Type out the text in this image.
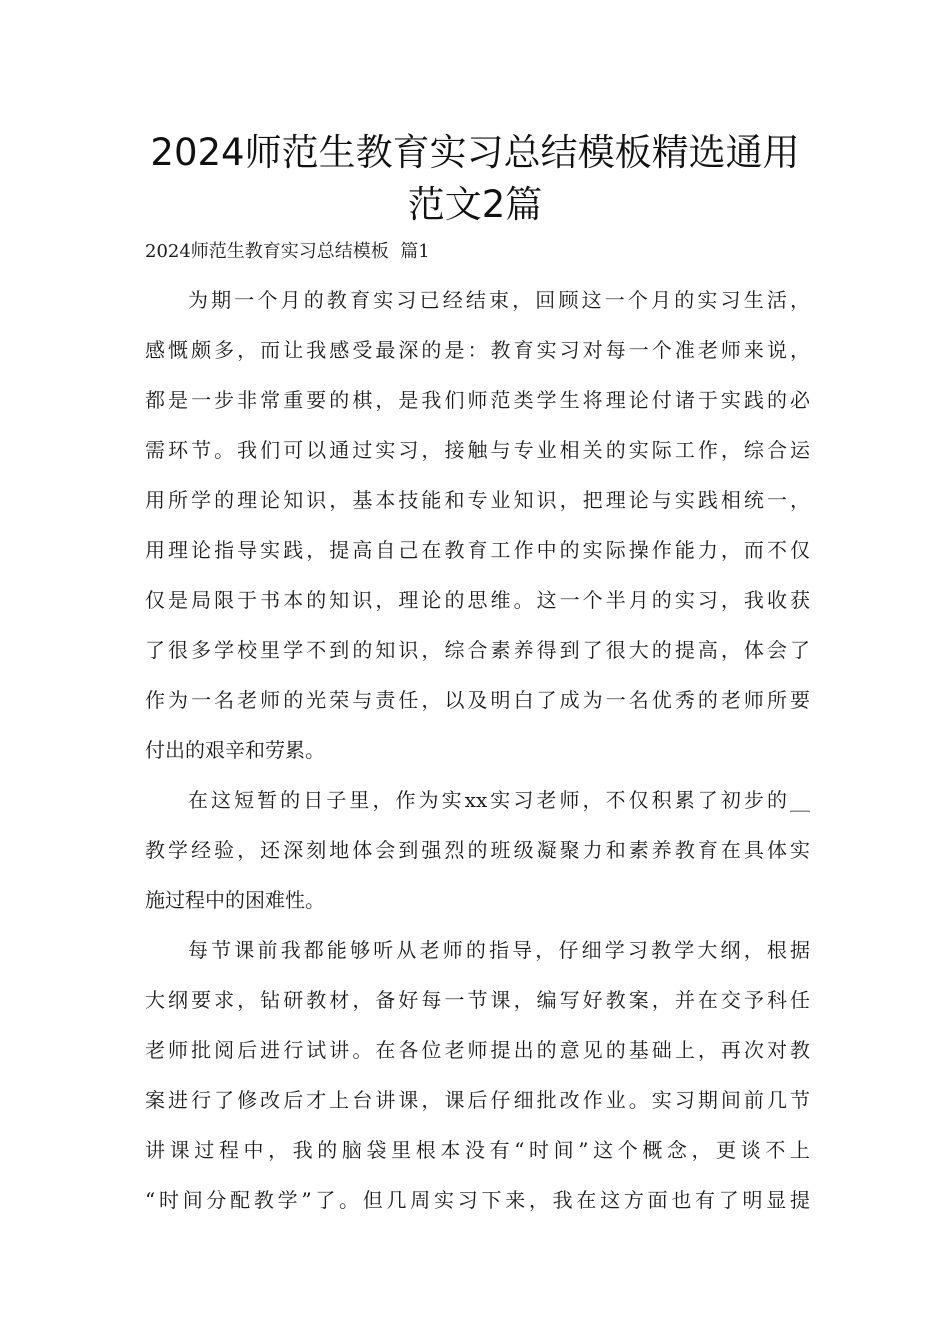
2024师范生教育实习总结模板精选通用
范文2篇
2024师范生教育实习总结模板  篇1
为期一个月的教育实习已经结束，回顾这一个月的实习生活，
感慨颇多，而让我感受最深的是：教育实习对每一个准老师来说，
都是一步非常重要的棋，是我们师范类学生将理论付诸于实践的必
需环节。我们可以通过实习，接触与专业相关的实际工作，综合运
用所学的理论知识，基本技能和专业知识，把理论与实践相统一，
用理论指导实践，提高自己在教育工作中的实际操作能力，而不仅
仅是局限于书本的知识，理论的思维。这一个半月的实习，我收获
了很多学校里学不到的知识，综合素养得到了很大的提高，体会了
作为一名老师的光荣与责任，以及明白了成为一名优秀的老师所要
付出的艰辛和劳累。
在这短暂的日子里，作为实xx实习老师，不仅积累了初步的__
教学经验，还深刻地体会到强烈的班级凝聚力和素养教育在具体实
施过程中的困难性。
每节课前我都能够听从老师的指导，仔细学习教学大纲，根据
大纲要求，钻研教材，备好每一节课，编写好教案，并在交予科任
老师批阅后进行试讲。在各位老师提出的意见的基础上，再次对教
案进行了修改后才上台讲课，课后仔细批改作业。实习期间前几节
讲课过程中，我的脑袋里根本没有“时间”这个概念，更谈不上
“时间分配教学”了。但几周实习下来，我在这方面也有了明显提
